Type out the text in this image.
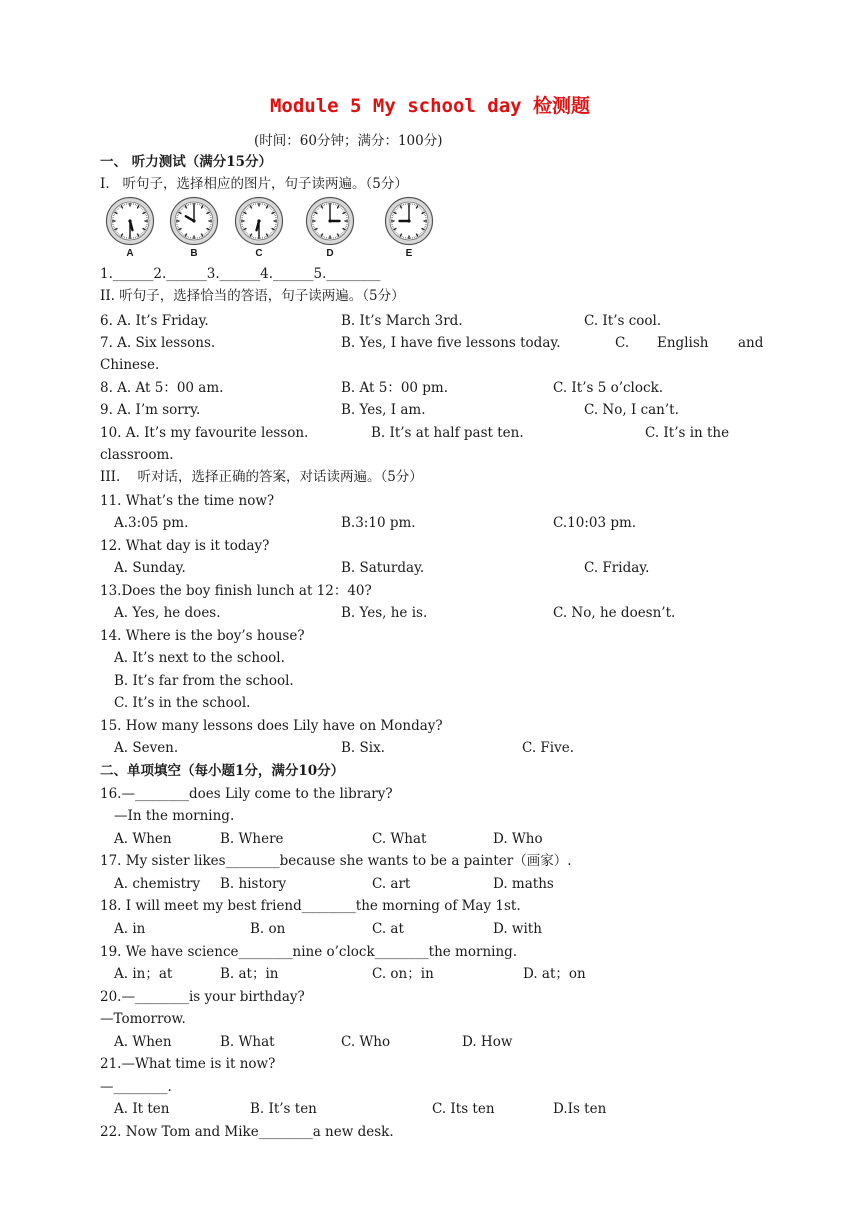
Module 5 My school day 检测题
(时间：60分钟；满分：100分)
一、 听力测试（满分15分）
I.   听句子，选择相应的图片，句子读两遍。（5分）
A	B	C	D	E
1.______2.______3.______4.______5.________
II. 听句子，选择恰当的答语，句子读两遍。（5分）
6. A. It’s Friday.	B. It’s March 3rd.	C. It’s cool.
7. A. Six lessons.	B. Yes, I have five lessons today.	C. English and
Chinese.
8. A. At 5：00 am.	B. At 5：00 pm.	C. It’s 5 o’clock.
9. A. I’m sorry.	B. Yes, I am.	C. No, I can’t.
10. A. It’s my favourite lesson.	B. It’s at half past ten.	C. It’s in the
classroom.
III.    听对话，选择正确的答案，对话读两遍。（5分）
11. What’s the time now?
A.3:05 pm.	B.3:10 pm.	C.10:03 pm.
12. What day is it today?
A. Sunday.	B. Saturday.	C. Friday.
13.Does the boy finish lunch at 12：40?
A. Yes, he does.	B. Yes, he is.	C. No, he doesn’t.
14. Where is the boy’s house?
A. It’s next to the school.
B. It’s far from the school.
C. It’s in the school.
15. How many lessons does Lily have on Monday?
A. Seven.	B. Six.	C. Five.
二、单项填空（每小题1分，满分10分）
16.—________does Lily come to the library?
—In the morning.
A. When	B. Where	C. What	D. Who
17. My sister likes________because she wants to be a painter（画家）.
A. chemistry B. history	C. art	D. maths
18. I will meet my best friend________the morning of May 1st.
A. in	B. on	C. at	D. with
19. We have science________nine o’clock________the morning.
A. in；at	B. at；in	C. on；in	D. at；on
20.—________is your birthday?
—Tomorrow.
A. When	B. What	C. Who	D. How
21.—What time is it now?
—________.
A. It ten	B. It’s ten	C. Its ten	D.Is ten
22. Now Tom and Mike________a new desk.
